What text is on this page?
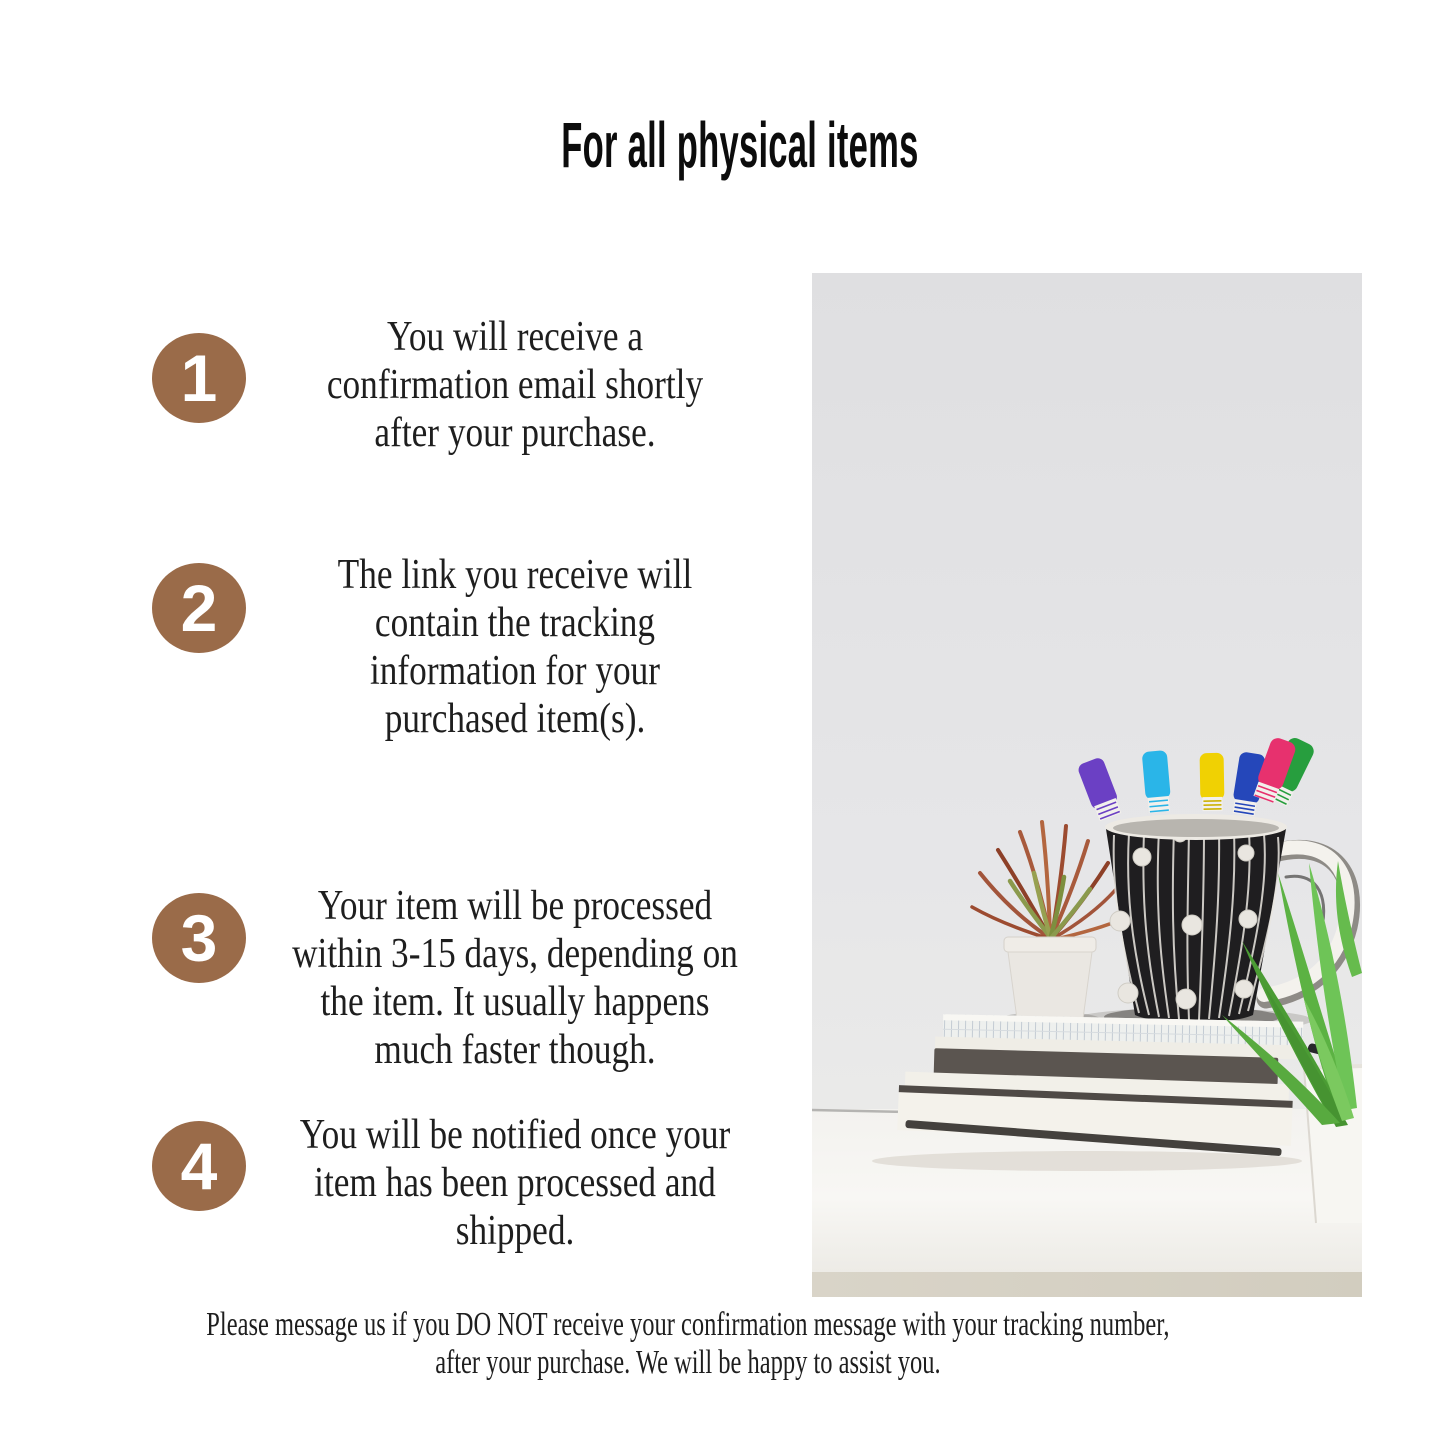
For all physical items
1
You will receive a
confirmation email shortly
after your purchase.
2	The link you receive will
contain the tracking
information for your
purchased item(s).
3	Your item will be processed
within 3-15 days, depending on
the item. It usually happens
much faster though.
4	You will be notified once your
item has been processed and
shipped.
Please message us if you DO NOT receive your confirmation message with your tracking number,
after your purchase. We will be happy to assist you.
